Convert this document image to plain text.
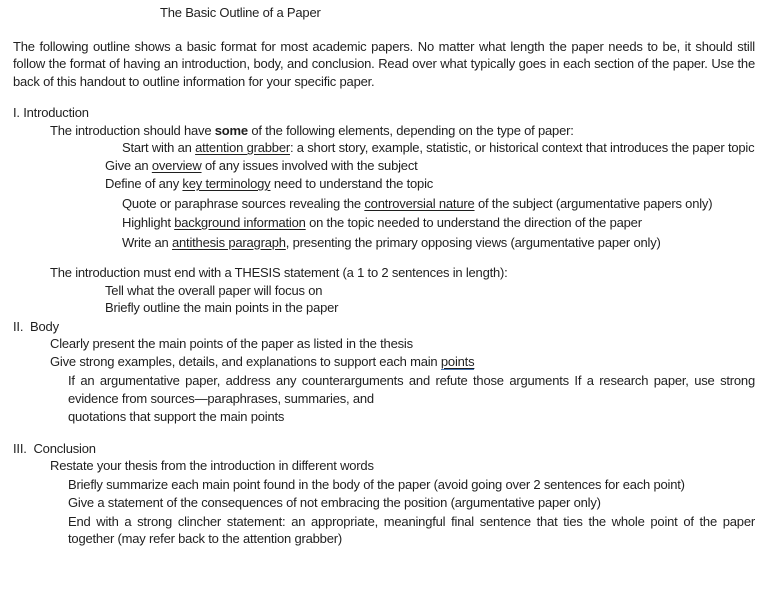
The Basic Outline of a Paper

The following outline shows a basic format for most academic papers. No matter what length the paper needs to be, it should still follow the format of having an introduction, body, and conclusion. Read over what typically goes in each section of the paper. Use the back of this handout to outline information for your specific paper.

I. Introduction

The introduction should have some of the following elements, depending on the type of paper:

Start with an attention grabber: a short story, example, statistic, or historical context that introduces the paper topic

Give an overview of any issues involved with the subject

Define of any key terminology need to understand the topic

Quote or paraphrase sources revealing the controversial nature of the subject (argumentative papers only)

Highlight background information on the topic needed to understand the direction of the paper

Write an antithesis paragraph, presenting the primary opposing views (argumentative paper only)

The introduction must end with a THESIS statement (a 1 to 2 sentences in length):

Tell what the overall paper will focus on

Briefly outline the main points in the paper

II.  Body

Clearly present the main points of the paper as listed in the thesis

Give strong examples, details, and explanations to support each main points

If an argumentative paper, address any counterarguments and refute those arguments If a research paper, use strong evidence from sources—paraphrases, summaries, and

quotations that support the main points

III.  Conclusion

Restate your thesis from the introduction in different words

Briefly summarize each main point found in the body of the paper (avoid going over 2 sentences for each point)

Give a statement of the consequences of not embracing the position (argumentative paper only)

End with a strong clincher statement: an appropriate, meaningful final sentence that ties the whole point of the paper together (may refer back to the attention grabber)
